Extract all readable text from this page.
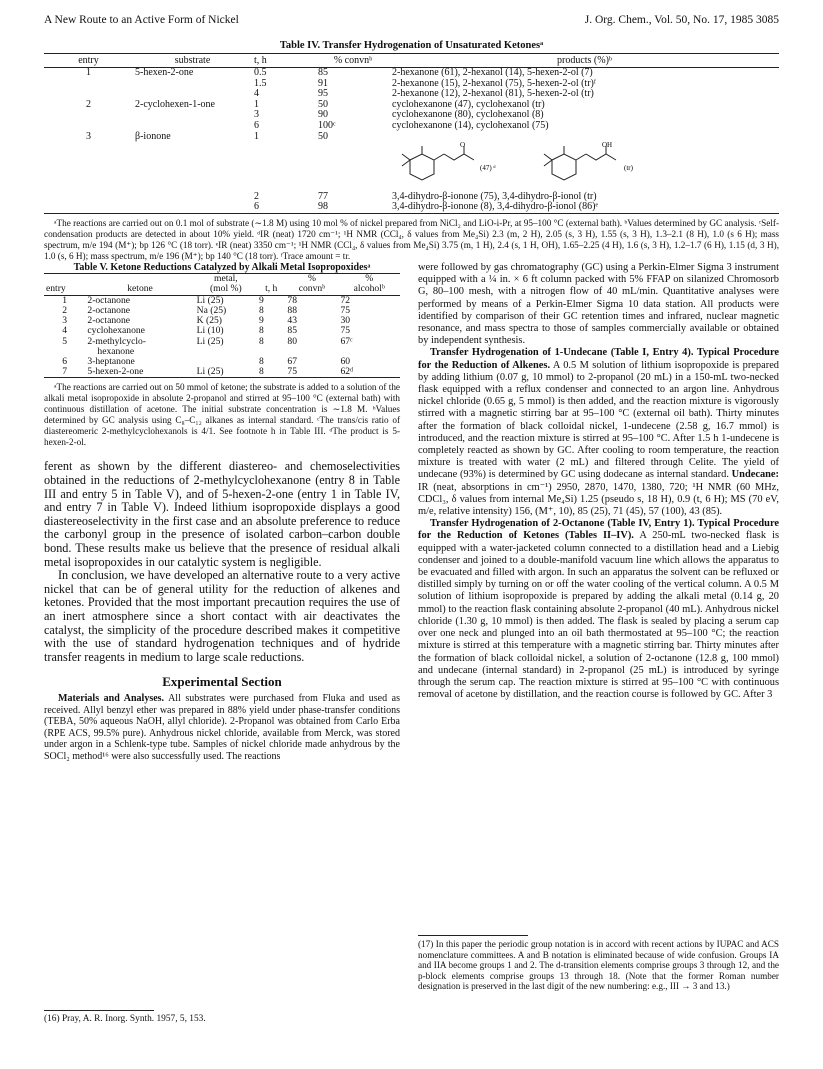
A New Route to an Active Form of Nickel	J. Org. Chem., Vol. 50, No. 17, 1985 3085
Table IV. Transfer Hydrogenation of Unsaturated Ketonesᵃ
entry	substrate	t, h	% convnᵇ	products (%)ᵇ
1	5-hexen-2-one	0.5	85	2-hexanone (61), 2-hexanol (14), 5-hexen-2-ol (7)
		1.5	91	2-hexanone (15), 2-hexanol (75), 5-hexen-2-ol (tr)ᶠ
		4	95	2-hexanone (12), 2-hexanol (81), 5-hexen-2-ol (tr)
2	2-cyclohexen-1-one	1	50	cyclohexanone (47), cyclohexanol (tr)
		3	90	cyclohexanone (80), cyclohexanol (8)
		6	100ᶜ	cyclohexanone (14), cyclohexanol (75)
3	β-ionone	1	50	

O OH
(47) ᵈ (tr)

		2	77	3,4-dihydro-β-ionone (75), 3,4-dihydro-β-ionol (tr)
		6	98	3,4-dihydro-β-ionone (8), 3,4-dihydro-β-ionol (86)ᵉ
ᵃThe reactions are carried out on 0.1 mol of substrate (∼1.8 M) using 10 mol % of nickel prepared from NiCl₂ and LiO-i-Pr, at 95–100 °C (external bath). ᵇValues determined by GC analysis. ᶜSelf-condensation products are detected in about 10% yield. ᵈIR (neat) 1720 cm⁻¹; ¹H NMR (CCl₄, δ values from Me₄Si) 2.3 (m, 2 H), 2.05 (s, 3 H), 1.55 (s, 3 H), 1.3–2.1 (8 H), 1.0 (s 6 H); mass spectrum, m/e 194 (M⁺); bp 126 °C (18 torr). ᵉIR (neat) 3350 cm⁻¹; ¹H NMR (CCl₄, δ values from Me₄Si) 3.75 (m, 1 H), 2.4 (s, 1 H, OH), 1.65–2.25 (4 H), 1.6 (s, 3 H), 1.2–1.7 (6 H), 1.15 (d, 3 H), 1.0 (s, 6 H); mass spectrum, m/e 196 (M⁺); bp 140 °C (18 torr). ᶠTrace amount = tr.
Table V. Ketone Reductions Catalyzed by Alkali Metal Isopropoxidesᵃ
		metal,		%	%
entry	ketone	(mol %)	t, h	convnᵇ	alcoholᵇ
1	2-octanone	Li (25)	9	78	72
2	2-octanone	Na (25)	8	88	75
3	2-octanone	K (25)	9	43	30
4	cyclohexanone	Li (10)	8	85	75
5	2-methylcyclo-	Li (25)	8	80	67ᶜ
	hexanone				
6	3-heptanone		8	67	60
7	5-hexen-2-one	Li (25)	8	75	62ᵈ
ᵃThe reactions are carried out on 50 mmol of ketone; the substrate is added to a solution of the alkali metal isopropoxide in absolute 2-propanol and stirred at 95–100 °C (external bath) with continuous distillation of acetone. The initial substrate concentration is ∼1.8 M. ᵇValues determined by GC analysis using C₈–C₁₂ alkanes as internal standard. ᶜThe trans/cis ratio of diastereomeric 2-methylcyclohexanols is 4/1. See footnote h in Table III. ᵈThe product is 5-hexen-2-ol.

ferent as shown by the different diastereo- and chemoselectivities obtained in the reductions of 2-methylcyclohexanone (entry 8 in Table III and entry 5 in Table V), and of 5-hexen-2-one (entry 1 in Table IV, and entry 7 in Table V). Indeed lithium isopropoxide displays a good diastereoselectivity in the first case and an absolute preference to reduce the carbonyl group in the presence of isolated carbon–carbon double bond. These results make us believe that the presence of residual alkali metal isopropoxides in our catalytic system is negligible.

In conclusion, we have developed an alternative route to a very active nickel that can be of general utility for the reduction of alkenes and ketones. Provided that the most important precaution requires the use of an inert atmosphere since a short contact with air deactivates the catalyst, the simplicity of the procedure described makes it competitive with the use of standard hydrogenation techniques and of hydride transfer reagents in medium to large scale reductions.

Experimental Section

Materials and Analyses. All substrates were purchased from Fluka and used as received. Allyl benzyl ether was prepared in 88% yield under phase-transfer conditions (TEBA, 50% aqueous NaOH, allyl chloride). 2-Propanol was obtained from Carlo Erba (RPE ACS, 99.5% pure). Anhydrous nickel chloride, available from Merck, was stored under argon in a Schlenk-type tube. Samples of nickel chloride made anhydrous by the SOCl₂ method¹⁶ were also successfully used. The reactions

were followed by gas chromatography (GC) using a Perkin-Elmer Sigma 3 instrument equipped with a ¼ in. × 6 ft column packed with 5% FFAP on silanized Chromosorb G, 80–100 mesh, with a nitrogen flow of 40 mL/min. Quantitative analyses were performed by means of a Perkin-Elmer Sigma 10 data station. All products were identified by comparison of their GC retention times and infrared, nuclear magnetic resonance, and mass spectra to those of samples commercially available or obtained by independent synthesis.

Transfer Hydrogenation of 1-Undecane (Table I, Entry 4). Typical Procedure for the Reduction of Alkenes. A 0.5 M solution of lithium isopropoxide is prepared by adding lithium (0.07 g, 10 mmol) to 2-propanol (20 mL) in a 150-mL two-necked flask equipped with a reflux condenser and connected to an argon line. Anhydrous nickel chloride (0.65 g, 5 mmol) is then added, and the reaction mixture is vigorously stirred with a magnetic stirring bar at 95–100 °C (external oil bath). Thirty minutes after the formation of black colloidal nickel, 1-undecene (2.58 g, 16.7 mmol) is introduced, and the reaction mixture is stirred at 95–100 °C. After 1.5 h 1-undecene is completely reacted as shown by GC. After cooling to room temperature, the reaction mixture is treated with water (2 mL) and filtered through Celite. The yield of undecane (93%) is determined by GC using dodecane as internal standard. Undecane: IR (neat, absorptions in cm⁻¹) 2950, 2870, 1470, 1380, 720; ¹H NMR (60 MHz, CDCl₃, δ values from internal Me₄Si) 1.25 (pseudo s, 18 H), 0.9 (t, 6 H); MS (70 eV, m/e, relative intensity) 156, (M⁺, 10), 85 (25), 71 (45), 57 (100), 43 (85).

Transfer Hydrogenation of 2-Octanone (Table IV, Entry 1). Typical Procedure for the Reduction of Ketones (Tables II–IV). A 250-mL two-necked flask is equipped with a water-jacketed column connected to a distillation head and a Liebig condenser and joined to a double-manifold vacuum line which allows the apparatus to be evacuated and filled with argon. In such an apparatus the solvent can be refluxed or distilled simply by turning on or off the water cooling of the vertical column. A 0.5 M solution of lithium isopropoxide is prepared by adding the alkali metal (0.14 g, 20 mmol) to the reaction flask containing absolute 2-propanol (40 mL). Anhydrous nickel chloride (1.30 g, 10 mmol) is then added. The flask is sealed by placing a serum cap over one neck and plunged into an oil bath thermostated at 95–100 °C; the reaction mixture is stirred at this temperature with a magnetic stirring bar. Thirty minutes after the formation of black colloidal nickel, a solution of 2-octanone (12.8 g, 100 mmol) and undecane (internal standard) in 2-propanol (25 mL) is introduced by syringe through the serum cap. The reaction mixture is stirred at 95–100 °C with continuous removal of acetone by distillation, and the reaction course is followed by GC. After 3

(17) In this paper the periodic group notation is in accord with recent actions by IUPAC and ACS nomenclature committees. A and B notation is eliminated because of wide confusion. Groups IA and IIA become groups 1 and 2. The d-transition elements comprise groups 3 through 12, and the p-block elements comprise groups 13 through 18. (Note that the former Roman number designation is preserved in the last digit of the new numbering: e.g., III → 3 and 13.)
(16) Pray, A. R. Inorg. Synth. 1957, 5, 153.
